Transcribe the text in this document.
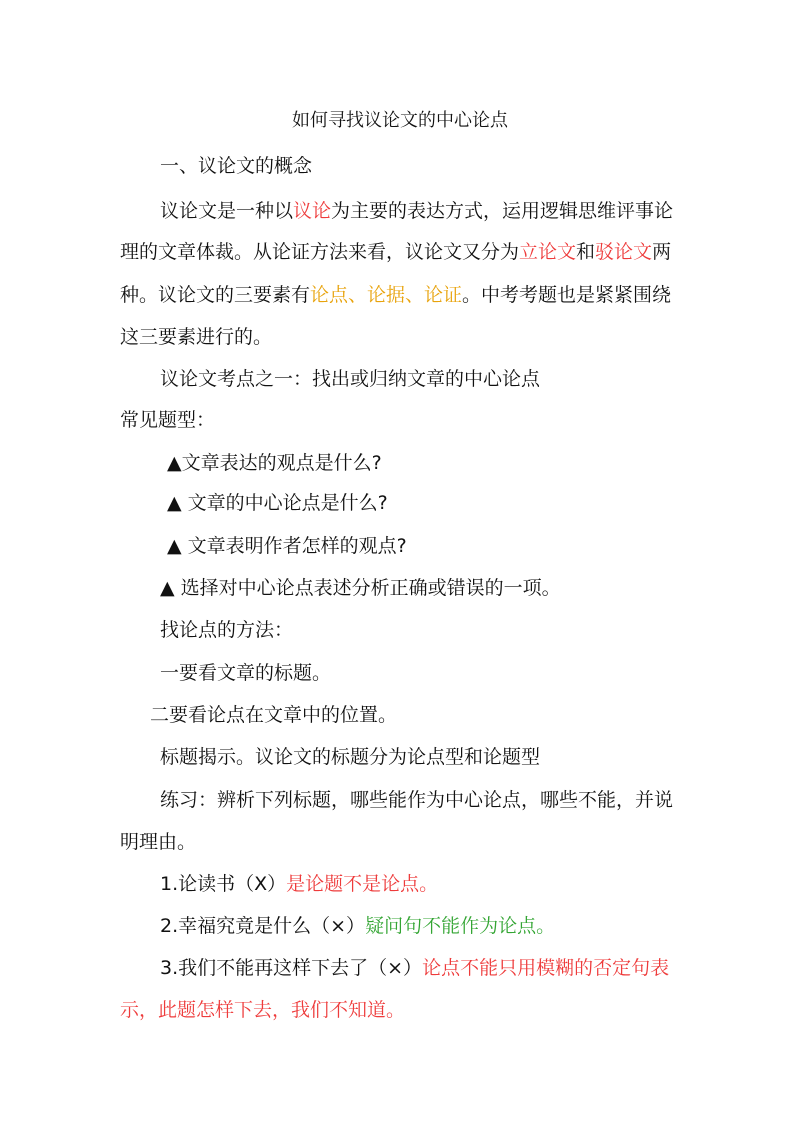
如何寻找议论文的中心论点
一、议论文的概念
议论文是一种以议论为主要的表达方式，运用逻辑思维评事论
理的文章体裁。从论证方法来看，议论文又分为立论文和驳论文两
种。议论文的三要素有论点、论据、论证。中考考题也是紧紧围绕
这三要素进行的。
议论文考点之一：找出或归纳文章的中心论点
常见题型：
▲文章表达的观点是什么?
▲ 文章的中心论点是什么?
▲ 文章表明作者怎样的观点?
▲ 选择对中心论点表述分析正确或错误的一项。
找论点的方法：
一要看文章的标题。
二要看论点在文章中的位置。
标题揭示。议论文的标题分为论点型和论题型
练习：辨析下列标题，哪些能作为中心论点，哪些不能，并说
明理由。
1.论读书（X）是论题不是论点。
2.幸福究竟是什么（×）疑问句不能作为论点。
3.我们不能再这样下去了（×）论点不能只用模糊的否定句表
示，此题怎样下去，我们不知道。
